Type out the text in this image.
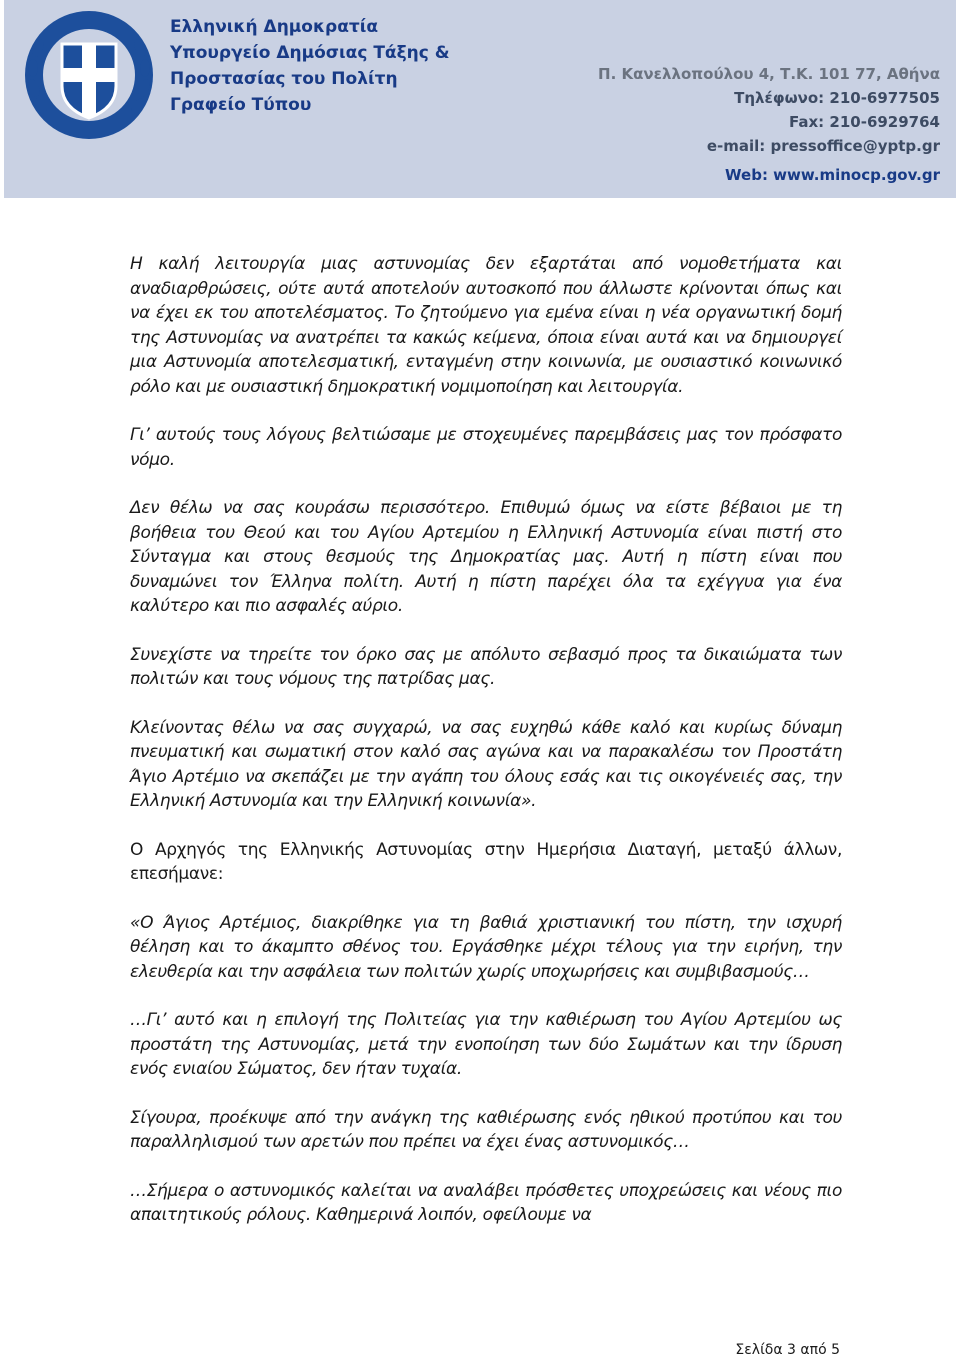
Ελληνική Δημοκρατία
Υπουργείο Δημόσιας Τάξης &
Προστασίας του Πολίτη
Γραφείο Τύπου
Π. Κανελλοπούλου 4, Τ.Κ. 101 77, Αθήνα
Τηλέφωνο: 210-6977505
Fax: 210-6929764
e-mail: pressoffice@yptp.gr
Web: www.minocp.gov.gr

Η καλή λειτουργία μιας αστυνομίας δεν εξαρτάται από νομοθετήματα και αναδιαρθρώσεις, ούτε αυτά αποτελούν αυτοσκοπό που άλλωστε κρίνονται όπως και να έχει εκ του αποτελέσματος. Το ζητούμενο για εμένα είναι η νέα οργανωτική δομή της Αστυνομίας να ανατρέπει τα κακώς κείμενα, όποια είναι αυτά και να δημιουργεί μια Αστυνομία αποτελεσματική, ενταγμένη στην κοινωνία, με ουσιαστικό κοινωνικό ρόλο και με ουσιαστική δημοκρατική νομιμοποίηση και λειτουργία.

Γι’ αυτούς τους λόγους βελτιώσαμε με στοχευμένες παρεμβάσεις μας τον πρόσφατο νόμο.

Δεν θέλω να σας κουράσω περισσότερο. Επιθυμώ όμως να είστε βέβαιοι με τη βοήθεια του Θεού και του Αγίου Αρτεμίου η Ελληνική Αστυνομία είναι πιστή στο Σύνταγμα και στους θεσμούς της Δημοκρατίας μας. Αυτή η πίστη είναι που δυναμώνει τον Έλληνα πολίτη. Αυτή η πίστη παρέχει όλα τα εχέγγυα για ένα καλύτερο και πιο ασφαλές αύριο.

Συνεχίστε να τηρείτε τον όρκο σας με απόλυτο σεβασμό προς τα δικαιώματα των πολιτών και τους νόμους της πατρίδας μας.

Κλείνοντας θέλω να σας συγχαρώ, να σας ευχηθώ κάθε καλό και κυρίως δύναμη πνευματική και σωματική στον καλό σας αγώνα και να παρακαλέσω τον Προστάτη Άγιο Αρτέμιο να σκεπάζει με την αγάπη του όλους εσάς και τις οικογένειές σας, την Ελληνική Αστυνομία και την Ελληνική κοινωνία».

Ο Αρχηγός της Ελληνικής Αστυνομίας στην Ημερήσια Διαταγή, μεταξύ άλλων, επεσήμανε:

«Ο Άγιος Αρτέμιος, διακρίθηκε για τη βαθιά χριστιανική του πίστη, την ισχυρή θέληση και το άκαμπτο σθένος του. Εργάσθηκε μέχρι τέλους για την ειρήνη, την ελευθερία και την ασφάλεια των πολιτών χωρίς υποχωρήσεις και συμβιβασμούς…

…Γι’ αυτό και η επιλογή της Πολιτείας για την καθιέρωση του Αγίου Αρτεμίου ως προστάτη της Αστυνομίας, μετά την ενοποίηση των δύο Σωμάτων και την ίδρυση ενός ενιαίου Σώματος, δεν ήταν τυχαία.

Σίγουρα, προέκυψε από την ανάγκη της καθιέρωσης ενός ηθικού προτύπου και του παραλληλισμού των αρετών που πρέπει να έχει ένας αστυνομικός…

…Σήμερα ο αστυνομικός καλείται να αναλάβει πρόσθετες υποχρεώσεις και νέους πιο απαιτητικούς ρόλους. Καθημερινά λοιπόν, οφείλουμε να

Σελίδα 3 από 5
